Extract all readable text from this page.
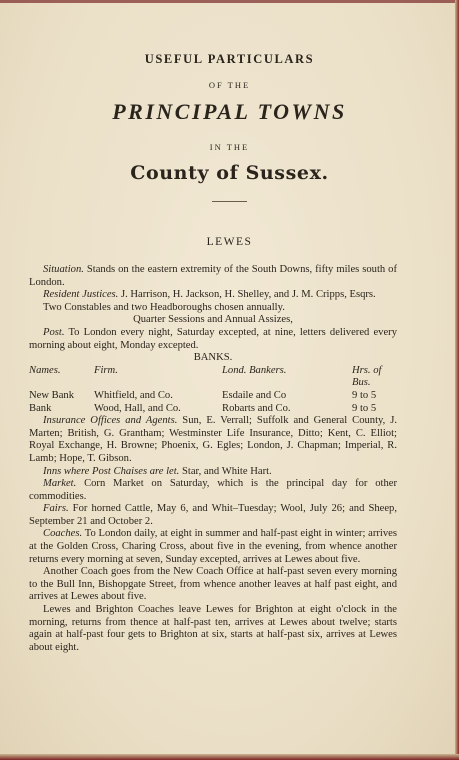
USEFUL PARTICULARS
OF THE
PRINCIPAL TOWNS
IN THE
County of Sussex.
LEWES

Situation. Stands on the eastern extremity of the South Downs, fifty miles south of London.

Resident Justices. J. Harrison, H. Jackson, H. Shelley, and J. M. Cripps, Esqrs.

Two Constables and two Headboroughs chosen annually.

Quarter Sessions and Annual Assizes,

Post. To London every night, Saturday excepted, at nine, letters delivered every morning about eight, Monday excepted.

BANKS.

Names.	Firm.	Lond. Bankers.	Hrs. of Bus.
New Bank	Whitfield, and Co.	Esdaile and Co	9 to 5
Bank	Wood, Hall, and Co.	Robarts and Co.	9 to 5

Insurance Offices and Agents. Sun, E. Verrall; Suffolk and General County, J. Marten; British, G. Grantham; Westminster Life Insurance, Ditto; Kent, C. Elliot; Royal Exchange, H. Browne; Phoenix, G. Egles; London, J. Chapman; Imperial, R. Lamb; Hope, T. Gibson.

Inns where Post Chaises are let. Star, and White Hart.

Market. Corn Market on Saturday, which is the principal day for other commodities.

Fairs. For horned Cattle, May 6, and Whit–Tuesday; Wool, July 26; and Sheep, September 21 and October 2.

Coaches. To London daily, at eight in summer and half-past eight in winter; arrives at the Golden Cross, Charing Cross, about five in the evening, from whence another returns every morning at seven, Sunday excepted, arrives at Lewes about five.

Another Coach goes from the New Coach Office at half-past seven every morning to the Bull Inn, Bishopgate Street, from whence another leaves at half past eight, and arrives at Lewes about five.

Lewes and Brighton Coaches leave Lewes for Brighton at eight o'clock in the morning, returns from thence at half-past ten, arrives at Lewes about twelve; starts again at half-past four gets to Brighton at six, starts at half-past six, arrives at Lewes about eight.
